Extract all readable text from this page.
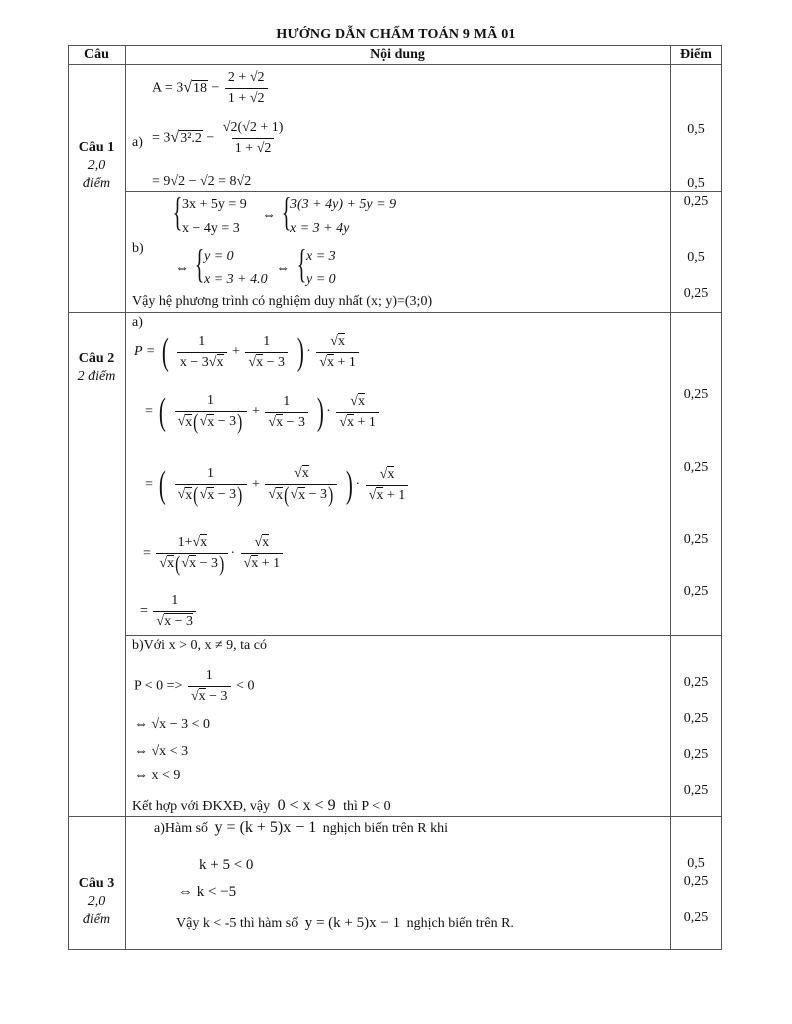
HƯỚNG DẪN CHẤM TOÁN 9 MÃ 01
Câu	Nội dung	Điểm
Câu 1
2,0
điểm
A = 3 √ $18 - \frac{2 + √2}{1 + √2}$
a) = 3 √ $3^2.2 - \frac{√2(√2 + 1)}{1 + √2}$
= 9√2 − √2 = 8√2
0,5
0,5
{ 3x + 5y = 9
x − 4y = 3
⇔ {
3(3 + 4y) + 5y = 9
x = 3 + 4y
b)
⇔ { y = 0
x = 3 + 4.0
⇔ { x = 3
y = 0
Vậy hệ phương trình có nghiệm duy nhất (x; y)=(3;0)
0,25
0,5
0,25
Câu 2
2 điểm
a)
P = ( $\frac{1}{x - 3√x} + \frac{1}{√x - 3}$ ) · $\frac{√x}{√x + 1}$
= ( $\frac{1}{√x(√x - 3)} + \frac{1}{√x - 3}$ ) · $\frac{√x}{√x + 1}$
= ( $\frac{1}{√x(√x - 3)} + \frac{√x}{√x(√x - 3)}$ ) · $\frac{√x}{√x + 1}$
= $\frac{1+√x}{√x(√x - 3)} \cdot \frac{√x}{√x + 1}$
= $\frac{1}{√x - 3}$
0,25
0,25
0,25
0,25
b)Với x > 0, x ≠ 9, ta có
$P < 0 => \frac{1}{√x - 3} < 0$
⇔ √x − 3 < 0
⇔ √x < 3
⇔ x < 9
Kết hợp với ĐKXĐ, vậy 0 < x < 9 thì P < 0
0,25
0,25
0,25
0,25
Câu 3
2,0
điểm
a)Hàm số y = (k + 5)x − 1 nghịch biến trên R khi
k + 5 < 0
⇔ k < −5
Vậy k < -5 thì hàm số y = (k + 5)x − 1 nghịch biến trên R.
0,5
0,25
0,25
